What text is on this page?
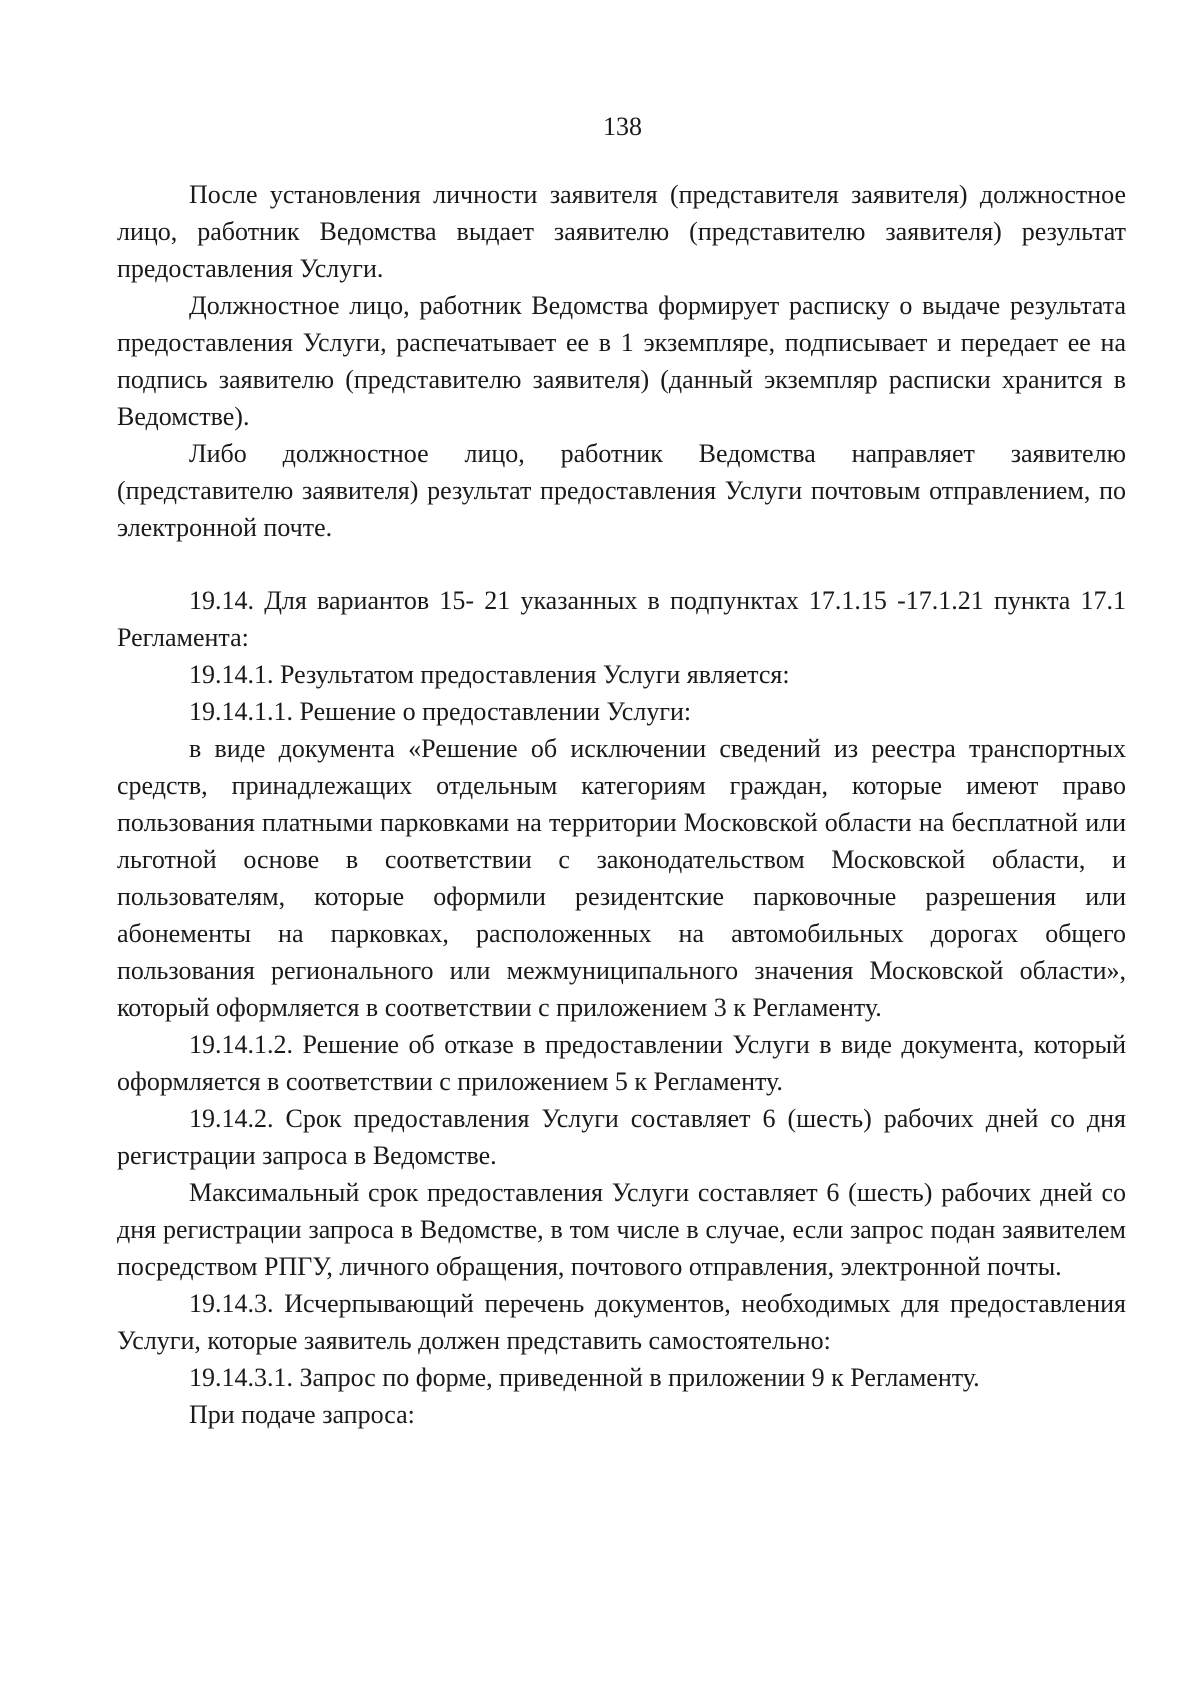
138

После установления личности заявителя (представителя заявителя) должностное лицо, работник Ведомства выдает заявителю (представителю заявителя) результат предоставления Услуги.

Должностное лицо, работник Ведомства формирует расписку о выдаче результата предоставления Услуги, распечатывает ее в 1 экземпляре, подписывает и передает ее на подпись заявителю (представителю заявителя) (данный экземпляр расписки хранится в Ведомстве).

Либо должностное лицо, работник Ведомства направляет заявителю (представителю заявителя) результат предоставления Услуги почтовым отправлением, по электронной почте.

19.14. Для вариантов 15- 21 указанных в подпунктах 17.1.15 -17.1.21 пункта 17.1 Регламента:

19.14.1. Результатом предоставления Услуги является:

19.14.1.1. Решение о предоставлении Услуги:

в виде документа «Решение об исключении сведений из реестра транспортных средств, принадлежащих отдельным категориям граждан, которые имеют право пользования платными парковками на территории Московской области на бесплатной или льготной основе в соответствии с законодательством Московской области, и пользователям, которые оформили резидентские парковочные разрешения или абонементы на парковках, расположенных на автомобильных дорогах общего пользования регионального или межмуниципального значения Московской области», который оформляется в соответствии с приложением 3 к Регламенту.

19.14.1.2. Решение об отказе в предоставлении Услуги в виде документа, который оформляется в соответствии с приложением 5 к Регламенту.

19.14.2. Срок предоставления Услуги составляет 6 (шесть) рабочих дней со дня регистрации запроса в Ведомстве.

Максимальный срок предоставления Услуги составляет 6 (шесть) рабочих дней со дня регистрации запроса в Ведомстве, в том числе в случае, если запрос подан заявителем посредством РПГУ, личного обращения, почтового отправления, электронной почты.

19.14.3. Исчерпывающий перечень документов, необходимых для предоставления Услуги, которые заявитель должен представить самостоятельно:

19.14.3.1. Запрос по форме, приведенной в приложении 9 к Регламенту.

При подаче запроса:
